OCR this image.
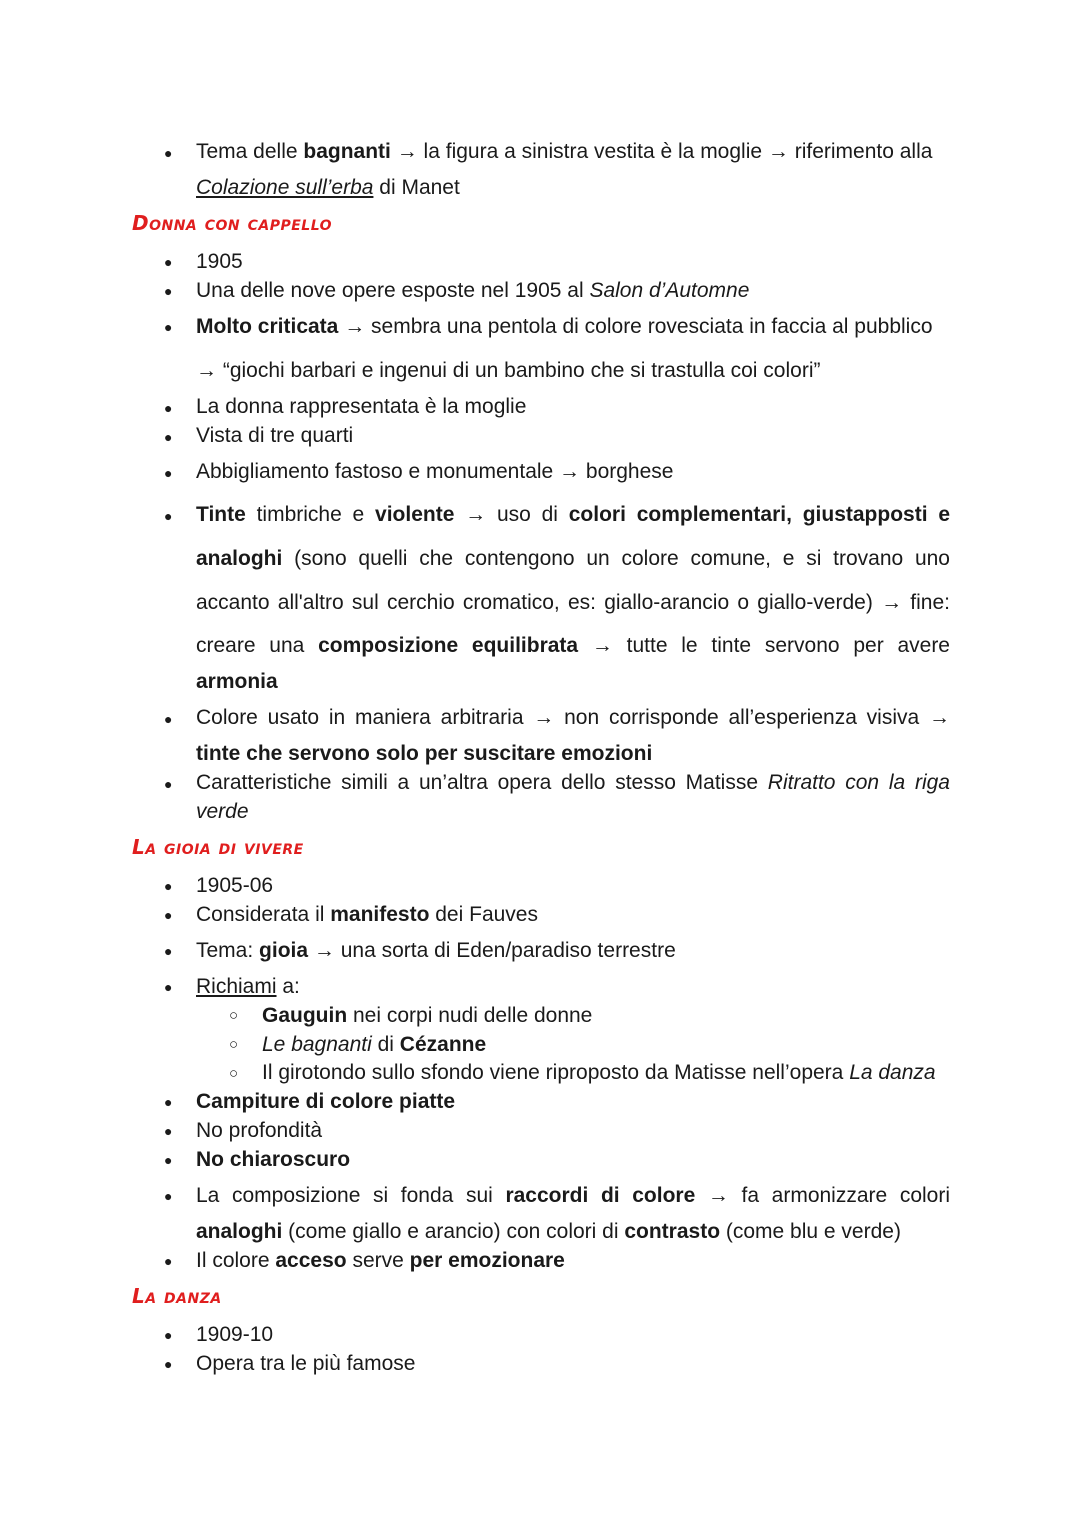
● Tema delle bagnanti → la figura a sinistra vestita è la moglie → riferimento alla
Colazione sull’erba di Manet
Donna con cappello
● 1905
● Una delle nove opere esposte nel 1905 al Salon d’Automne
● Molto criticata → sembra una pentola di colore rovesciata in faccia al pubblico
→ “giochi barbari e ingenui di un bambino che si trastulla coi colori”
● La donna rappresentata è la moglie
● Vista di tre quarti
● Abbigliamento fastoso e monumentale → borghese
● Tinte timbriche e violente → uso di colori complementari, giustapposti e
analoghi (sono quelli che contengono un colore comune, e si trovano uno
accanto all'altro sul cerchio cromatico, es: giallo-arancio o giallo-verde) → fine:
creare una composizione equilibrata → tutte le tinte servono per avere
armonia
● Colore usato in maniera arbitraria → non corrisponde all’esperienza visiva →
tinte che servono solo per suscitare emozioni
● Caratteristiche simili a un’altra opera dello stesso Matisse Ritratto con la riga
verde
La gioia di vivere
● 1905-06
● Considerata il manifesto dei Fauves
● Tema: gioia → una sorta di Eden/paradiso terrestre
● Richiami a:
○ Gauguin nei corpi nudi delle donne
○ Le bagnanti di Cézanne
○ Il girotondo sullo sfondo viene riproposto da Matisse nell’opera La danza
● Campiture di colore piatte
● No profondità
● No chiaroscuro
● La composizione si fonda sui raccordi di colore → fa armonizzare colori
analoghi (come giallo e arancio) con colori di contrasto (come blu e verde)
● Il colore acceso serve per emozionare
La danza
● 1909-10
● Opera tra le più famose
